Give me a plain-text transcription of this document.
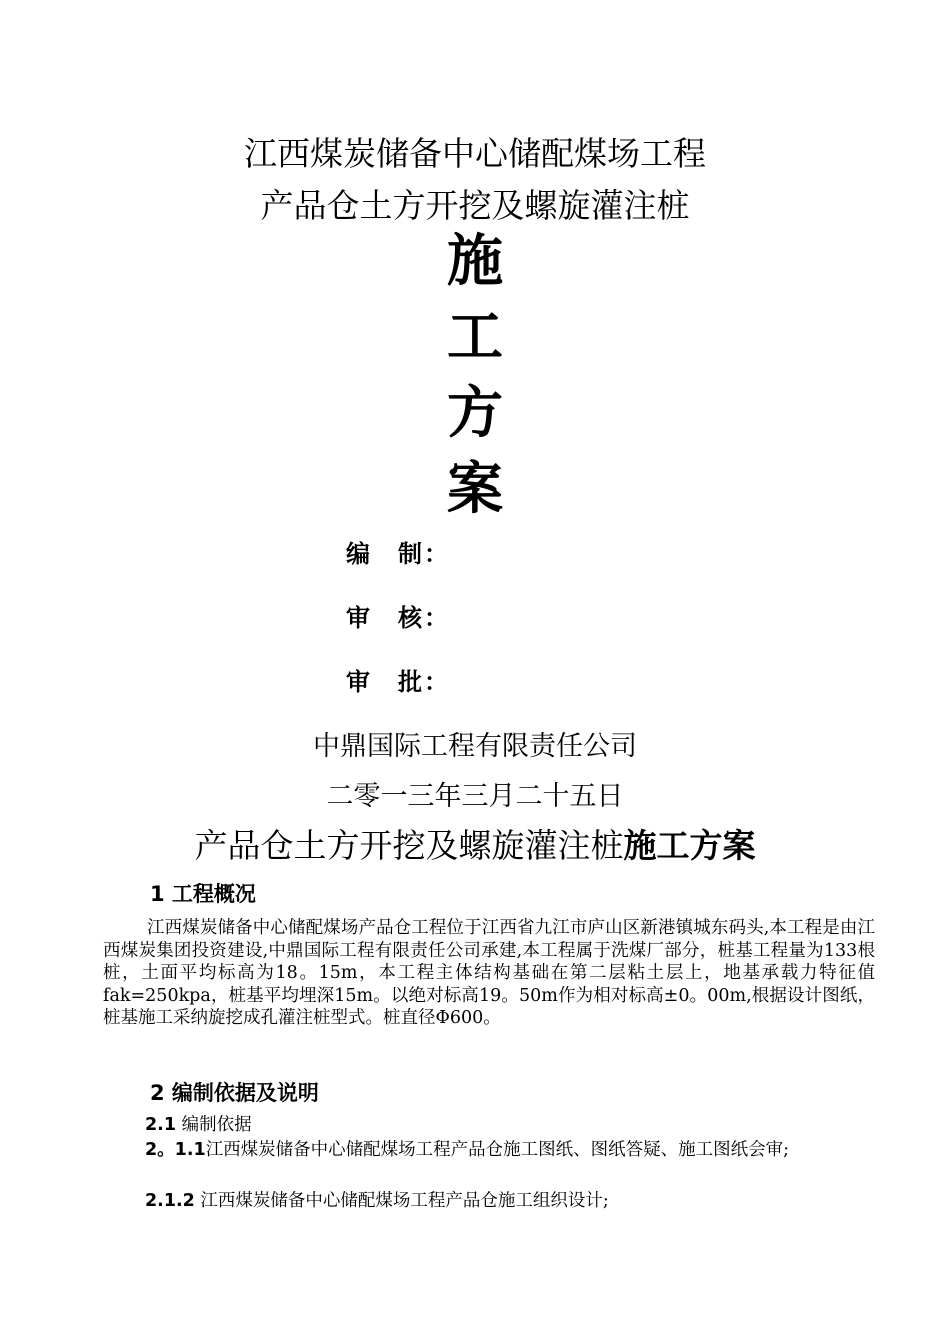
江西煤炭储备中心储配煤场工程
产品仓土方开挖及螺旋灌注桩
施
工
方
案
编　制：
审　核：
审　批：
中鼎国际工程有限责任公司
二零一三年三月二十五日
产品仓土方开挖及螺旋灌注桩施工方案
1 工程概况
江西煤炭储备中心储配煤场产品仓工程位于江西省九江市庐山区新港镇城东码头,本工程是由江西煤炭集团投资建设,中鼎国际工程有限责任公司承建,本工程属于洗煤厂部分，桩基工程量为133根桩，土面平均标高为18。15m，本工程主体结构基础在第二层粘土层上，地基承载力特征值fak=250kpa，桩基平均埋深15m。以绝对标高19。50m作为相对标高±0。00m,根据设计图纸，桩基施工采纳旋挖成孔灌注桩型式。桩直径Φ600。
2 编制依据及说明
2.1 编制依据
2。1.1江西煤炭储备中心储配煤场工程产品仓施工图纸、图纸答疑、施工图纸会审;
2.1.2 江西煤炭储备中心储配煤场工程产品仓施工组织设计;
